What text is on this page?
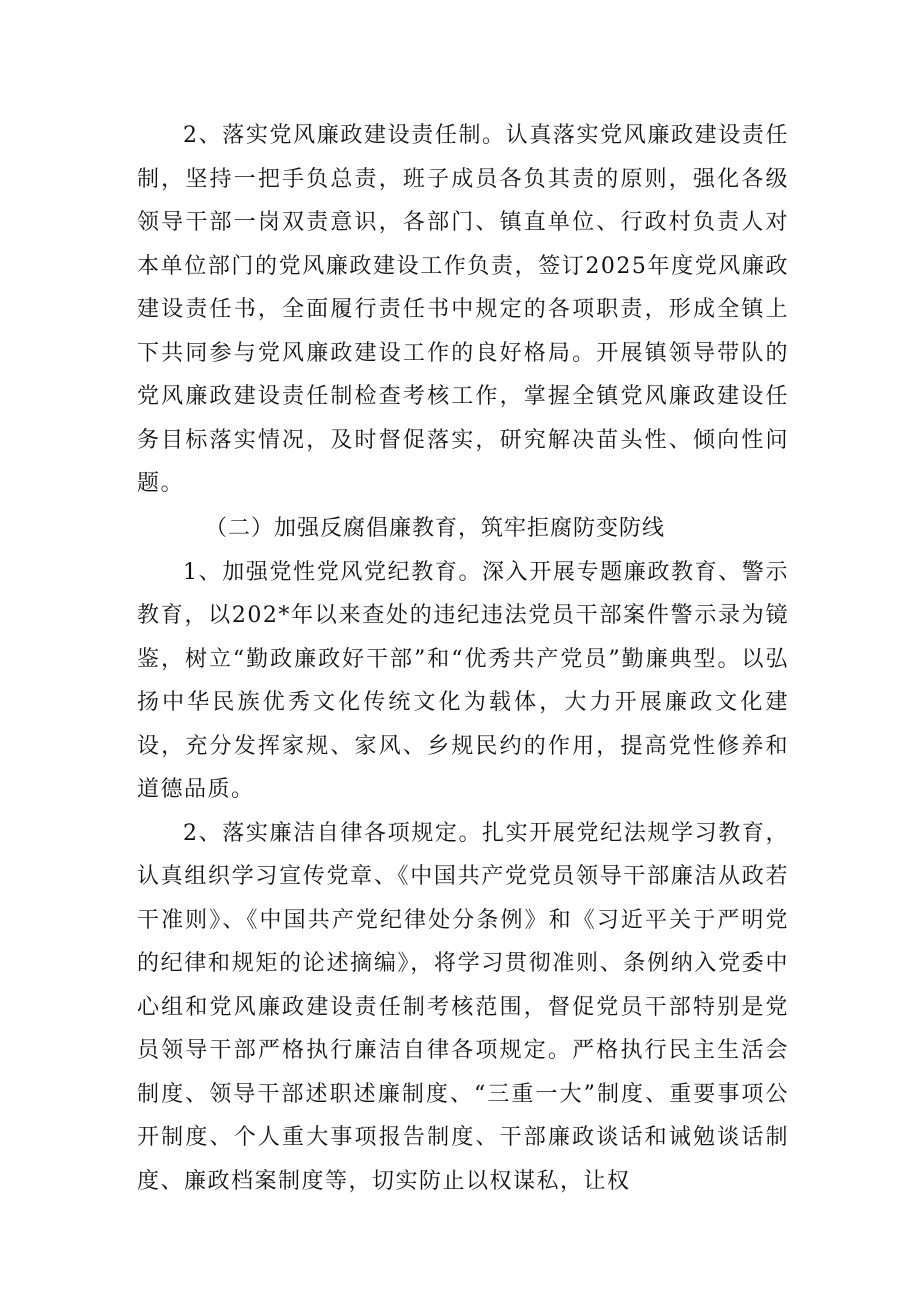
2、落实党风廉政建设责任制。认真落实党风廉政建设责任制，坚持一把手负总责，班子成员各负其责的原则，强化各级领导干部一岗双责意识，各部门、镇直单位、行政村负责人对本单位部门的党风廉政建设工作负责，签订2025年度党风廉政建设责任书，全面履行责任书中规定的各项职责，形成全镇上下共同参与党风廉政建设工作的良好格局。开展镇领导带队的党风廉政建设责任制检查考核工作，掌握全镇党风廉政建设任务目标落实情况，及时督促落实，研究解决苗头性、倾向性问题。

（二）加强反腐倡廉教育，筑牢拒腐防变防线

1、加强党性党风党纪教育。深入开展专题廉政教育、警示教育，以202*年以来查处的违纪违法党员干部案件警示录为镜鉴，树立“勤政廉政好干部”和“优秀共产党员”勤廉典型。以弘扬中华民族优秀文化传统文化为载体，大力开展廉政文化建设，充分发挥家规、家风、乡规民约的作用，提高党性修养和道德品质。

2、落实廉洁自律各项规定。扎实开展党纪法规学习教育，认真组织学习宣传党章、《中国共产党党员领导干部廉洁从政若干准则》、《中国共产党纪律处分条例》和《习近平关于严明党的纪律和规矩的论述摘编》，将学习贯彻准则、条例纳入党委中心组和党风廉政建设责任制考核范围，督促党员干部特别是党员领导干部严格执行廉洁自律各项规定。严格执行民主生活会制度、领导干部述职述廉制度、“三重一大”制度、重要事项公开制度、个人重大事项报告制度、干部廉政谈话和诫勉谈话制度、廉政档案制度等，切实防止以权谋私，让权
